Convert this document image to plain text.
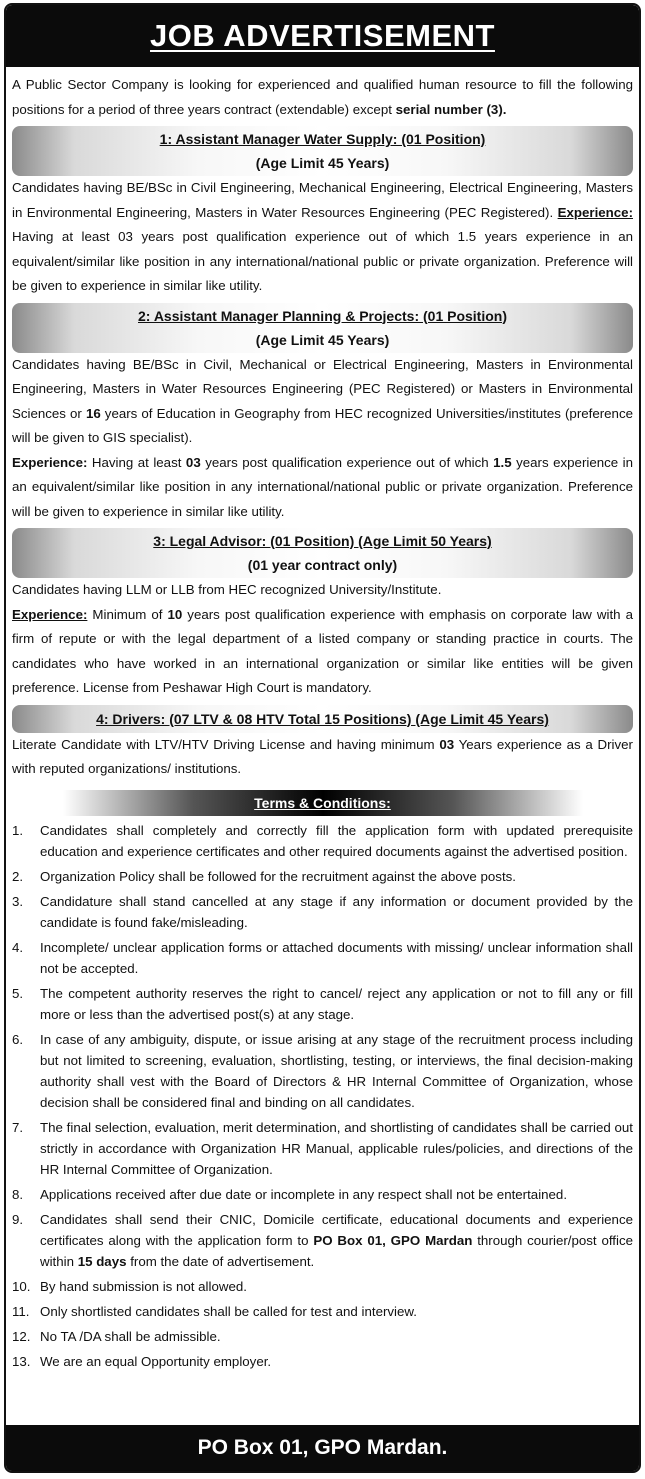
JOB ADVERTISEMENT

A Public Sector Company is looking for experienced and qualified human resource to fill the following positions for a period of three years contract (extendable) except serial number (3).

1: Assistant Manager Water Supply: (01 Position)
(Age Limit 45 Years)

Candidates having BE/BSc in Civil Engineering, Mechanical Engineering, Electrical Engineering, Masters in Environmental Engineering, Masters in Water Resources Engineering (PEC Registered). Experience: Having at least 03 years post qualification experience out of which 1.5 years experience in an equivalent/similar like position in any international/national public or private organization. Preference will be given to experience in similar like utility.

2: Assistant Manager Planning & Projects: (01 Position)
(Age Limit 45 Years)

Candidates having BE/BSc in Civil, Mechanical or Electrical Engineering, Masters in Environmental Engineering, Masters in Water Resources Engineering (PEC Registered) or Masters in Environmental Sciences or 16 years of Education in Geography from HEC recognized Universities/institutes (preference will be given to GIS specialist).

Experience: Having at least 03 years post qualification experience out of which 1.5 years experience in an equivalent/similar like position in any international/national public or private organization. Preference will be given to experience in similar like utility.

3: Legal Advisor: (01 Position) (Age Limit 50 Years)
(01 year contract only)

Candidates having LLM or LLB from HEC recognized University/Institute.

Experience: Minimum of 10 years post qualification experience with emphasis on corporate law with a firm of repute or with the legal department of a listed company or standing practice in courts. The candidates who have worked in an international organization or similar like entities will be given preference. License from Peshawar High Court is mandatory.

4: Drivers: (07 LTV & 08 HTV Total 15 Positions) (Age Limit 45 Years)

Literate Candidate with LTV/HTV Driving License and having minimum 03 Years experience as a Driver with reputed organizations/ institutions.

Terms & Conditions:
1.	Candidates shall completely and correctly fill the application form with updated prerequisite education and experience certificates and other required documents against the advertised position.
2.	Organization Policy shall be followed for the recruitment against the above posts.
3.	Candidature shall stand cancelled at any stage if any information or document provided by the candidate is found fake/misleading.
4.	Incomplete/ unclear application forms or attached documents with missing/ unclear information shall not be accepted.
5.	The competent authority reserves the right to cancel/ reject any application or not to fill any or fill more or less than the advertised post(s) at any stage.
6.	In case of any ambiguity, dispute, or issue arising at any stage of the recruitment process including but not limited to screening, evaluation, shortlisting, testing, or interviews, the final decision-making authority shall vest with the Board of Directors & HR Internal Committee of Organization, whose decision shall be considered final and binding on all candidates.
7.	The final selection, evaluation, merit determination, and shortlisting of candidates shall be carried out strictly in accordance with Organization HR Manual, applicable rules/policies, and directions of the HR Internal Committee of Organization.
8.	Applications received after due date or incomplete in any respect shall not be entertained.
9.	Candidates shall send their CNIC, Domicile certificate, educational documents and experience certificates along with the application form to PO Box 01, GPO Mardan through courier/post office within 15 days from the date of advertisement.
10. By hand submission is not allowed.
11. Only shortlisted candidates shall be called for test and interview.
12. No TA /DA shall be admissible.
13. We are an equal Opportunity employer.
PO Box 01, GPO Mardan.
